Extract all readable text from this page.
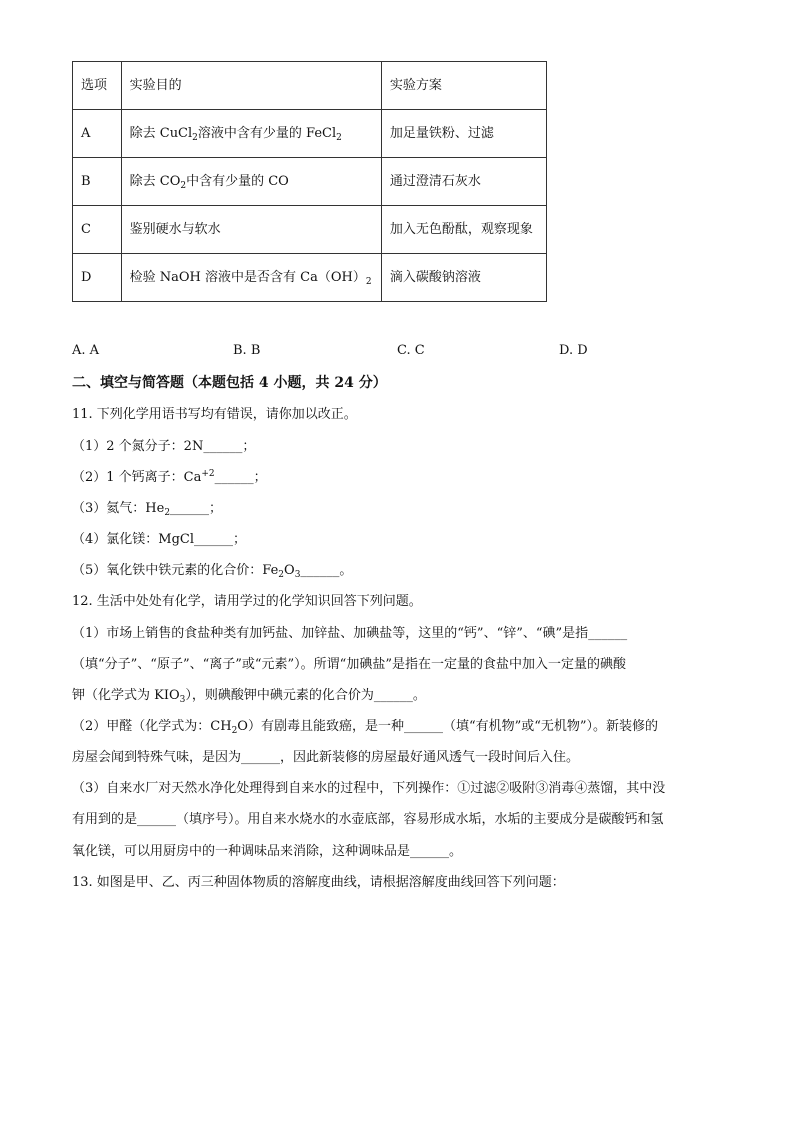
选项	实验目的	实验方案
A	除去 CuCl$_2$溶液中含有少量的 FeCl$_2$	加足量铁粉、过滤
B	除去 $CO_2$中含有少量的 CO	通过澄清石灰水
C	鉴别硬水与软水	加入无色酚酞，观察现象
D	检验 NaOH 溶液中是否含有 $Ca(OH)_2$	滴入碳酸钠溶液
A. A	B. B	C. C	D. D
二、填空与简答题（本题包括 4 小题，共 24 分）
11. 下列化学用语书写均有错误，请你加以改正。
（1）2 个氮分子：2N______；
（2）1 个钙离子：$Ca^{+2}\_\_\_\_\_\_$；
（3）氦气：$He_2\_\_\_\_\_\_$；
（4）氯化镁：MgCl______；
（5）氧化铁中铁元素的化合价：$Fe_2O_3\_\_\_\_\_\_$。
12. 生活中处处有化学，请用学过的化学知识回答下列问题。
（1）市场上销售的食盐种类有加钙盐、加锌盐、加碘盐等，这里的“钙”、“锌”、“碘”是指______
（填“分子”、“原子”、“离子”或“元素”）。所谓“加碘盐”是指在一定量的食盐中加入一定量的碘酸
钾（化学式为 $KIO_3$），则碘酸钾中碘元素的化合价为______。
（2）甲醛（化学式为：$CH_2O$）有剧毒且能致癌，是一种______（填“有机物”或“无机物”）。新装修的
房屋会闻到特殊气味，是因为______，因此新装修的房屋最好通风透气一段时间后入住。
（3）自来水厂对天然水净化处理得到自来水的过程中，下列操作：①过滤②吸附③消毒④蒸馏，其中没
有用到的是______（填序号）。用自来水烧水的水壶底部，容易形成水垢，水垢的主要成分是碳酸钙和氢
氧化镁，可以用厨房中的一种调味品来消除，这种调味品是______。
13. 如图是甲、乙、丙三种固体物质的溶解度曲线，请根据溶解度曲线回答下列问题：
